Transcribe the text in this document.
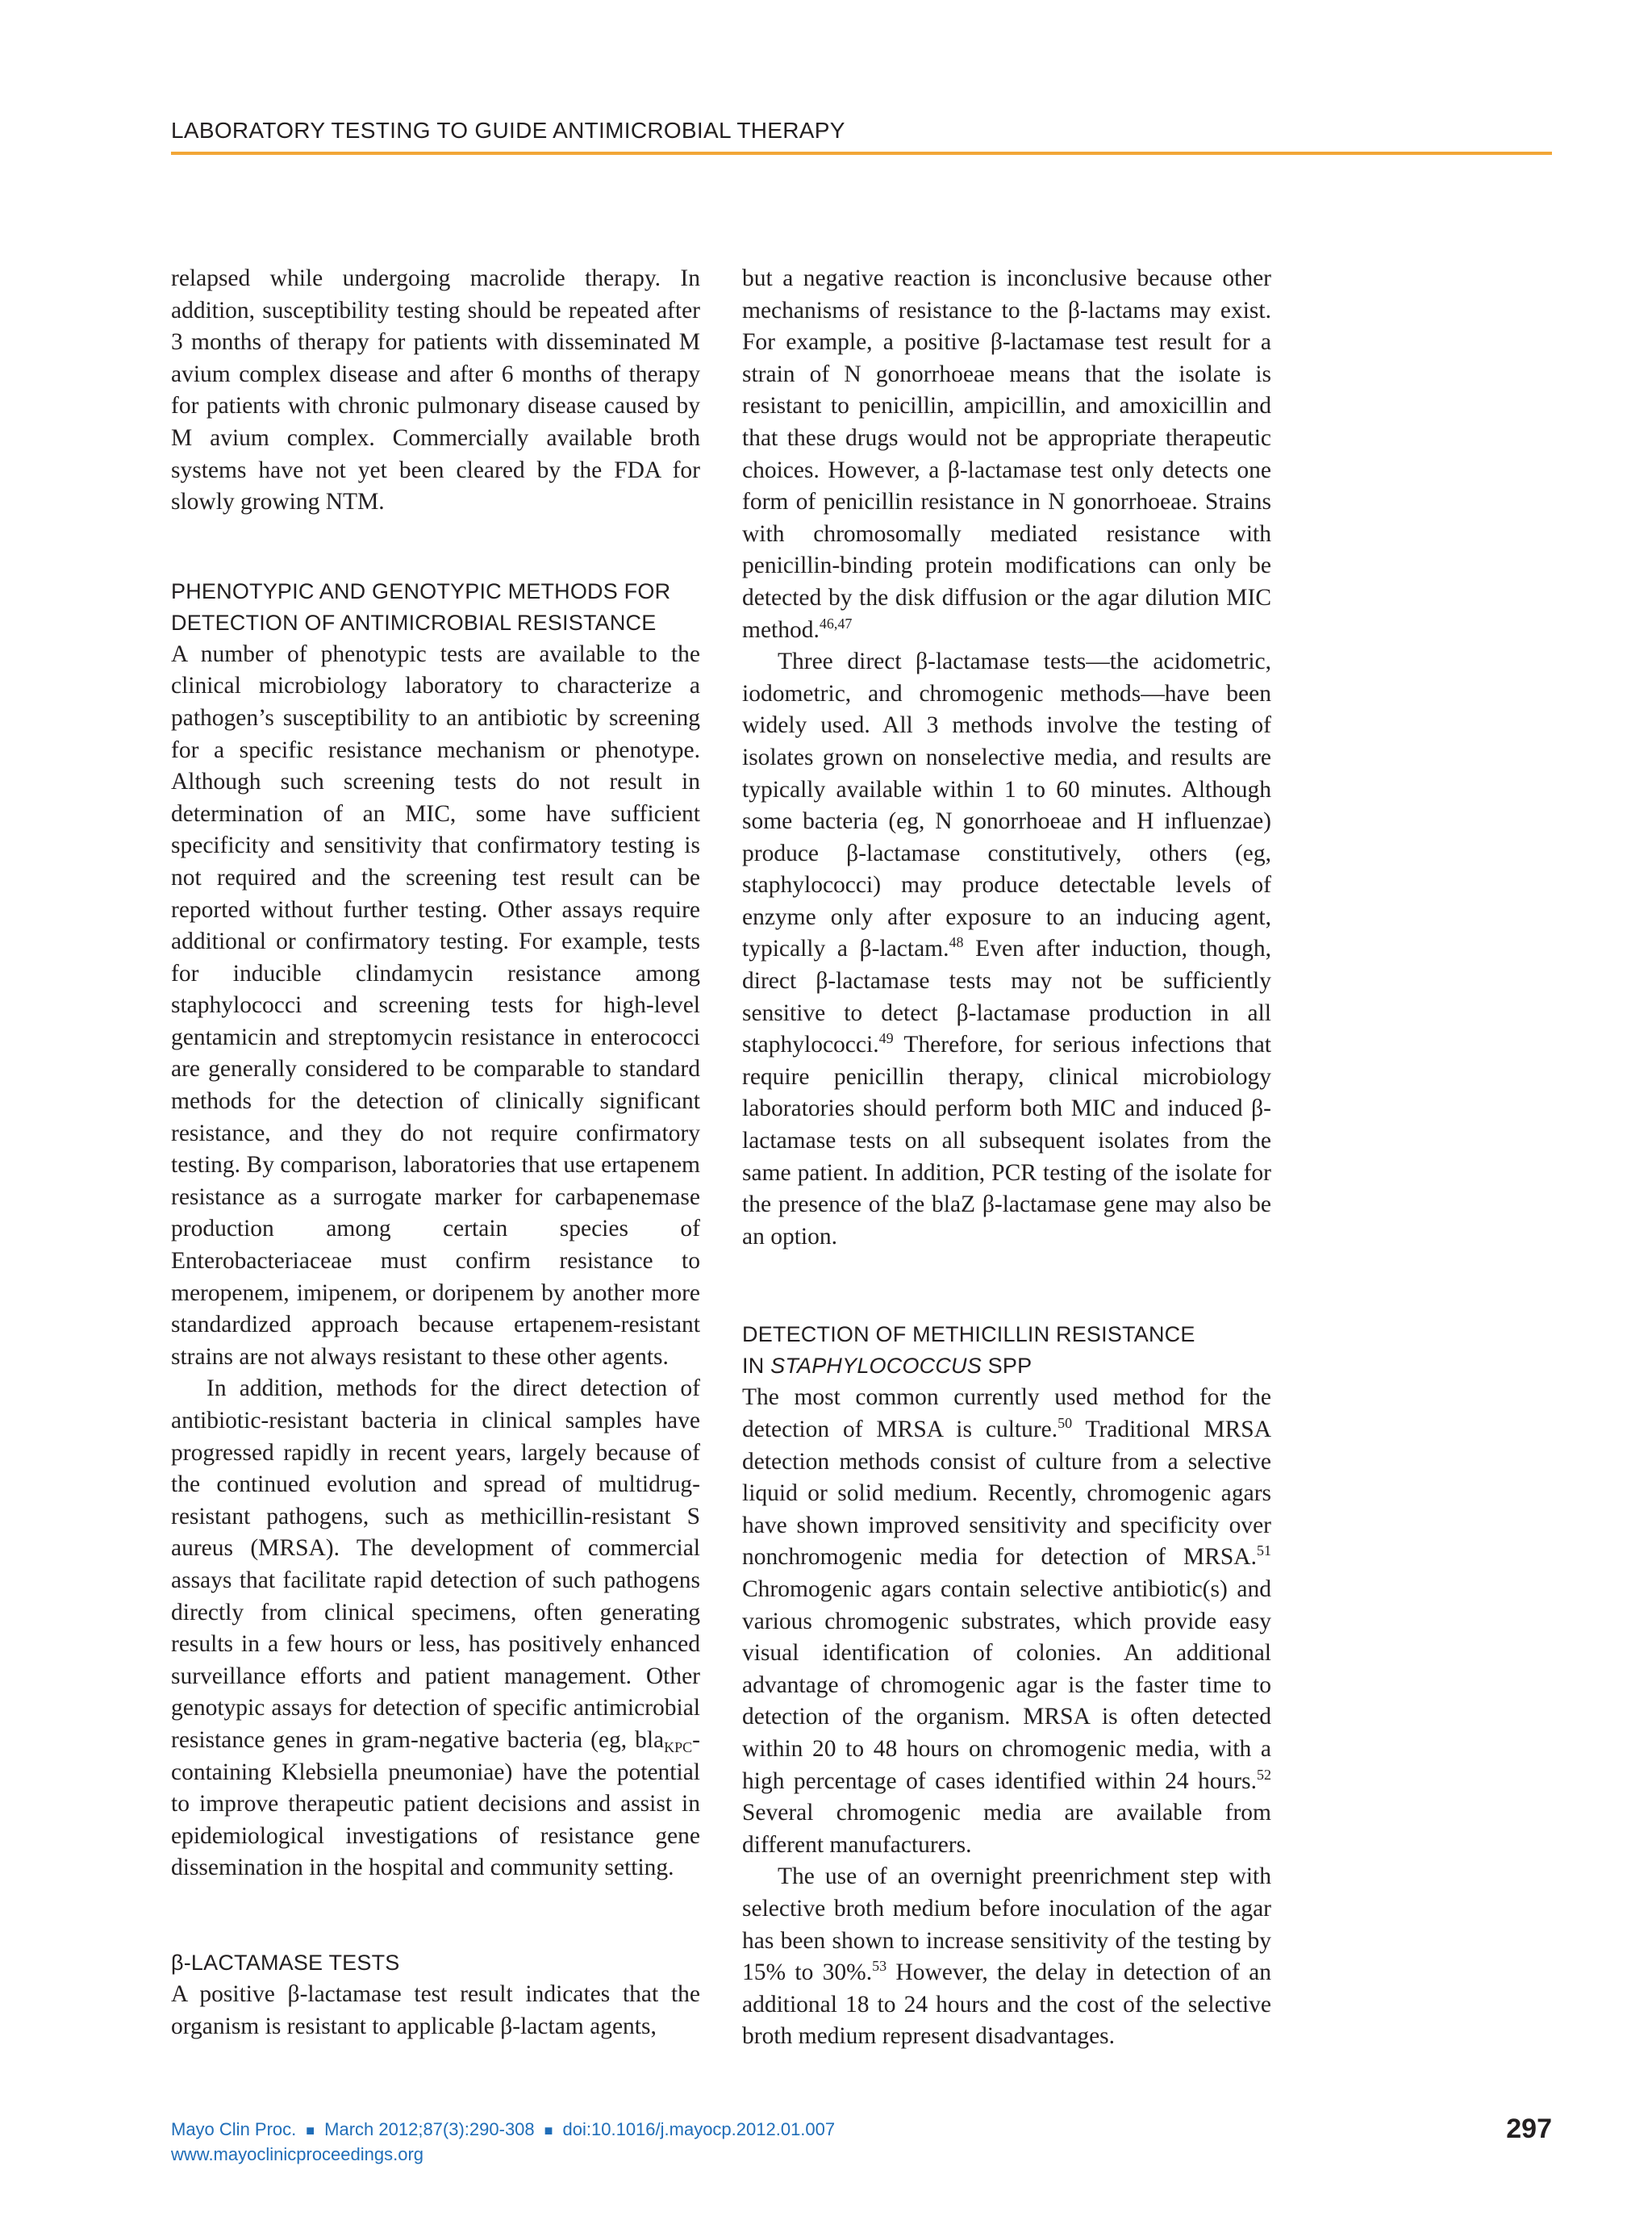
LABORATORY TESTING TO GUIDE ANTIMICROBIAL THERAPY

relapsed while undergoing macrolide therapy. In addition, susceptibility testing should be repeated after 3 months of therapy for patients with disseminated M avium complex disease and after 6 months of therapy for patients with chronic pulmonary disease caused by M avium complex. Commercially available broth systems have not yet been cleared by the FDA for slowly growing NTM.

PHENOTYPIC AND GENOTYPIC METHODS FOR
DETECTION OF ANTIMICROBIAL RESISTANCE

A number of phenotypic tests are available to the clinical microbiology laboratory to characterize a pathogen’s susceptibility to an antibiotic by screening for a specific resistance mechanism or phenotype. Although such screening tests do not result in determination of an MIC, some have sufficient specificity and sensitivity that confirmatory testing is not required and the screening test result can be reported without further testing. Other assays require additional or confirmatory testing. For example, tests for inducible clindamycin resistance among staphylococci and screening tests for high-level gentamicin and streptomycin resistance in enterococci are generally considered to be comparable to standard methods for the detection of clinically significant resistance, and they do not require confirmatory testing. By comparison, laboratories that use ertapenem resistance as a surrogate marker for carbapenemase production among certain species of Enterobacteriaceae must confirm resistance to meropenem, imipenem, or doripenem by another more standardized approach because ertapenem-resistant strains are not always resistant to these other agents.

In addition, methods for the direct detection of antibiotic-resistant bacteria in clinical samples have progressed rapidly in recent years, largely because of the continued evolution and spread of multidrug-resistant pathogens, such as methicillin-resistant S aureus (MRSA). The development of commercial assays that facilitate rapid detection of such pathogens directly from clinical specimens, often generating results in a few hours or less, has positively enhanced surveillance efforts and patient management. Other genotypic assays for detection of specific antimicrobial resistance genes in gram-negative bacteria (eg, bla$_{KPC}$-containing Klebsiella pneumoniae) have the potential to improve therapeutic patient decisions and assist in epidemiological investigations of resistance gene dissemination in the hospital and community setting.

β-LACTAMASE TESTS

A positive β-lactamase test result indicates that the organism is resistant to applicable β-lactam agents,

but a negative reaction is inconclusive because other mechanisms of resistance to the β-lactams may exist. For example, a positive β-lactamase test result for a strain of N gonorrhoeae means that the isolate is resistant to penicillin, ampicillin, and amoxicillin and that these drugs would not be appropriate therapeutic choices. However, a β-lactamase test only detects one form of penicillin resistance in N gonorrhoeae. Strains with chromosomally mediated resistance with penicillin-binding protein modifications can only be detected by the disk diffusion or the agar dilution MIC method.$^{46,47}$

Three direct β-lactamase tests—the acidometric, iodometric, and chromogenic methods—have been widely used. All 3 methods involve the testing of isolates grown on nonselective media, and results are typically available within 1 to 60 minutes. Although some bacteria (eg, N gonorrhoeae and H influenzae) produce β-lactamase constitutively, others (eg, staphylococci) may produce detectable levels of enzyme only after exposure to an inducing agent, typically a β-lactam.$^{48}$ Even after induction, though, direct β-lactamase tests may not be sufficiently sensitive to detect β-lactamase production in all staphylococci.$^{49}$ Therefore, for serious infections that require penicillin therapy, clinical microbiology laboratories should perform both MIC and induced β-lactamase tests on all subsequent isolates from the same patient. In addition, PCR testing of the isolate for the presence of the blaZ β-lactamase gene may also be an option.

DETECTION OF METHICILLIN RESISTANCE
IN STAPHYLOCOCCUS SPP

The most common currently used method for the detection of MRSA is culture.$^{50}$ Traditional MRSA detection methods consist of culture from a selective liquid or solid medium. Recently, chromogenic agars have shown improved sensitivity and specificity over nonchromogenic media for detection of MRSA.$^{51}$ Chromogenic agars contain selective antibiotic(s) and various chromogenic substrates, which provide easy visual identification of colonies. An additional advantage of chromogenic agar is the faster time to detection of the organism. MRSA is often detected within 20 to 48 hours on chromogenic media, with a high percentage of cases identified within 24 hours.$^{52}$ Several chromogenic media are available from different manufacturers.

The use of an overnight preenrichment step with selective broth medium before inoculation of the agar has been shown to increase sensitivity of the testing by 15% to 30%.$^{53}$ However, the delay in detection of an additional 18 to 24 hours and the cost of the selective broth medium represent disadvantages.

Mayo Clin Proc. ■ March 2012;87(3):290-308 ■ doi:10.1016/j.mayocp.2012.01.007
www.mayoclinicproceedings.org
297
